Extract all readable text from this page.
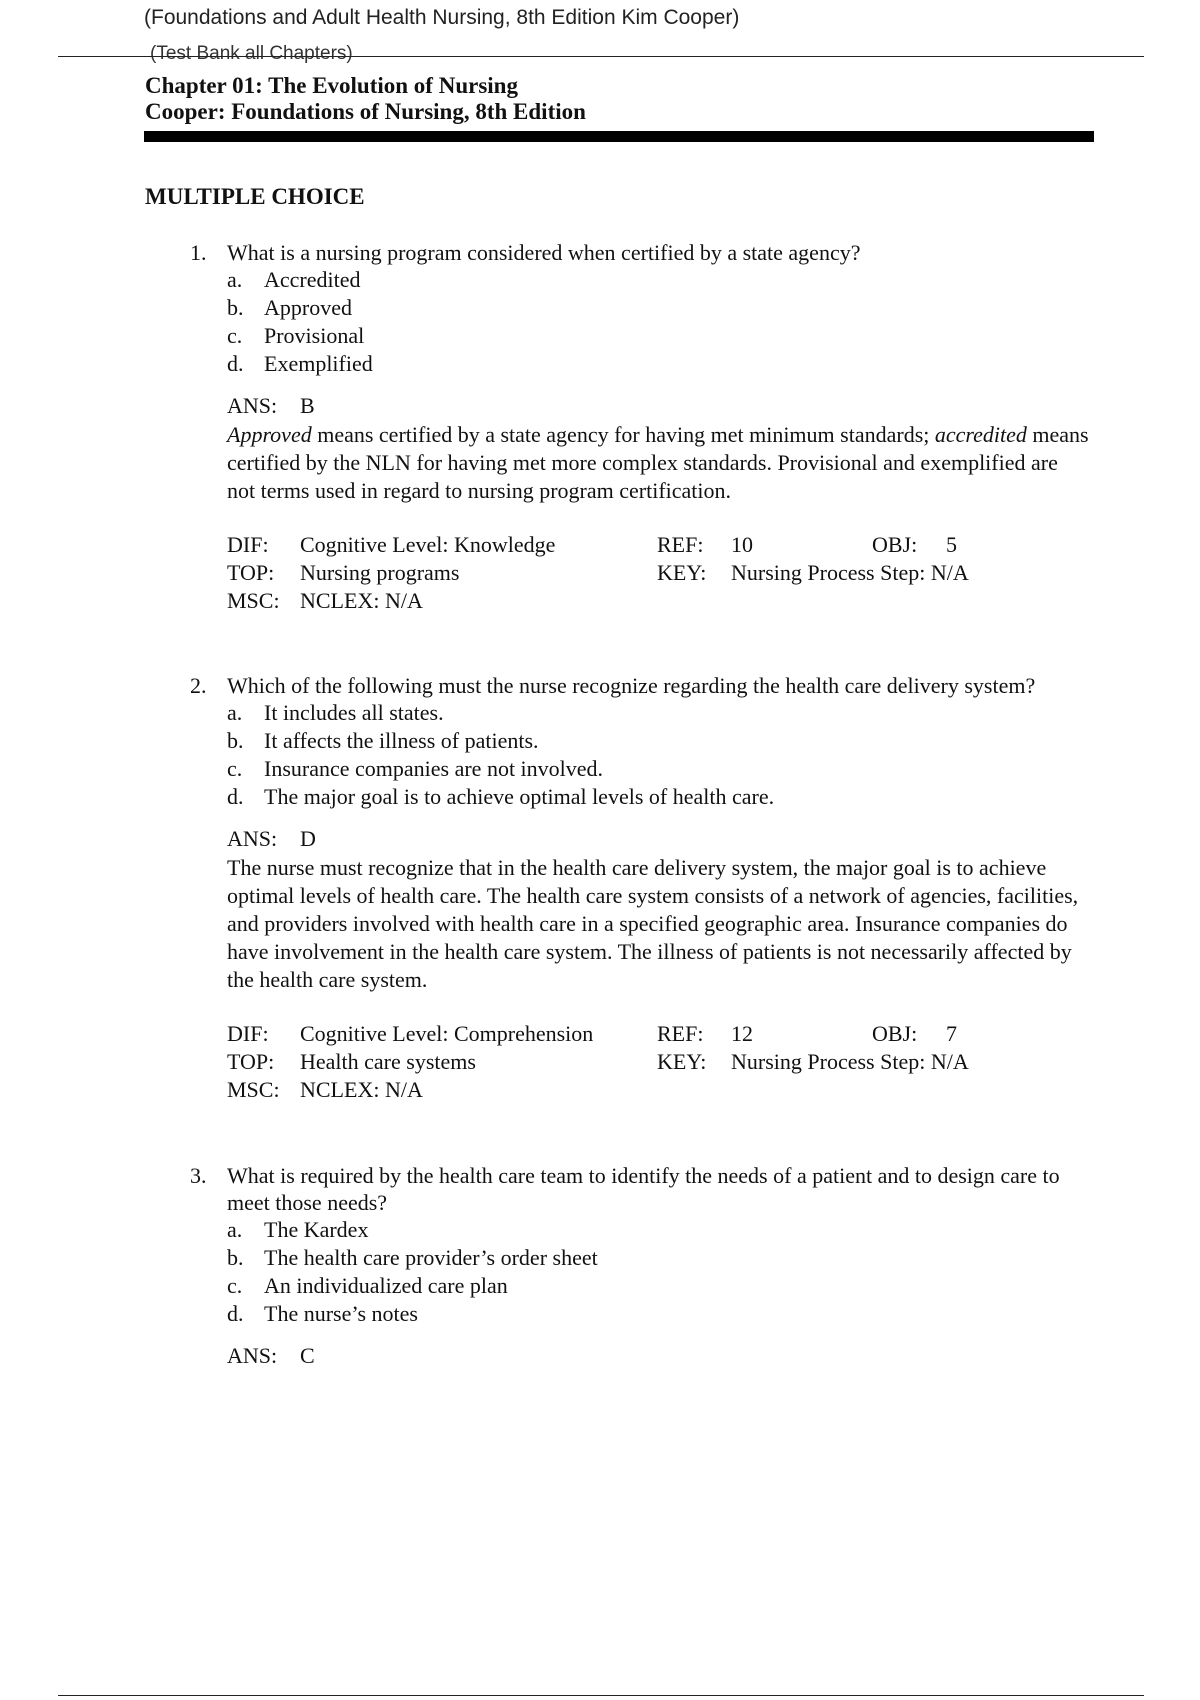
(Foundations and Adult Health Nursing, 8th Edition Kim Cooper)
(Test Bank all Chapters)
Chapter 01: The Evolution of Nursing
Cooper: Foundations of Nursing, 8th Edition
MULTIPLE CHOICE
1. What is a nursing program considered when certified by a state agency?
a. Accredited
b. Approved
c. Provisional
d. Exemplified
ANS: B
Approved means certified by a state agency for having met minimum standards; accredited means certified by the NLN for having met more complex standards. Provisional and exemplified are not terms used in regard to nursing program certification.
DIF: Cognitive Level: Knowledge	REF: 10	OBJ: 5
TOP: Nursing programs	KEY: Nursing Process Step: N/A
MSC: NCLEX: N/A
2. Which of the following must the nurse recognize regarding the health care delivery system?
a. It includes all states.
b. It affects the illness of patients.
c. Insurance companies are not involved.
d. The major goal is to achieve optimal levels of health care.
ANS: D
The nurse must recognize that in the health care delivery system, the major goal is to achieve optimal levels of health care. The health care system consists of a network of agencies, facilities, and providers involved with health care in a specified geographic area. Insurance companies do have involvement in the health care system. The illness of patients is not necessarily affected by the health care system.
DIF: Cognitive Level: Comprehension	REF: 12	OBJ: 7
TOP: Health care systems	KEY: Nursing Process Step: N/A
MSC: NCLEX: N/A
3. What is required by the health care team to identify the needs of a patient and to design care to meet those needs?
a. The Kardex
b. The health care provider’s order sheet
c. An individualized care plan
d. The nurse’s notes
ANS: C
